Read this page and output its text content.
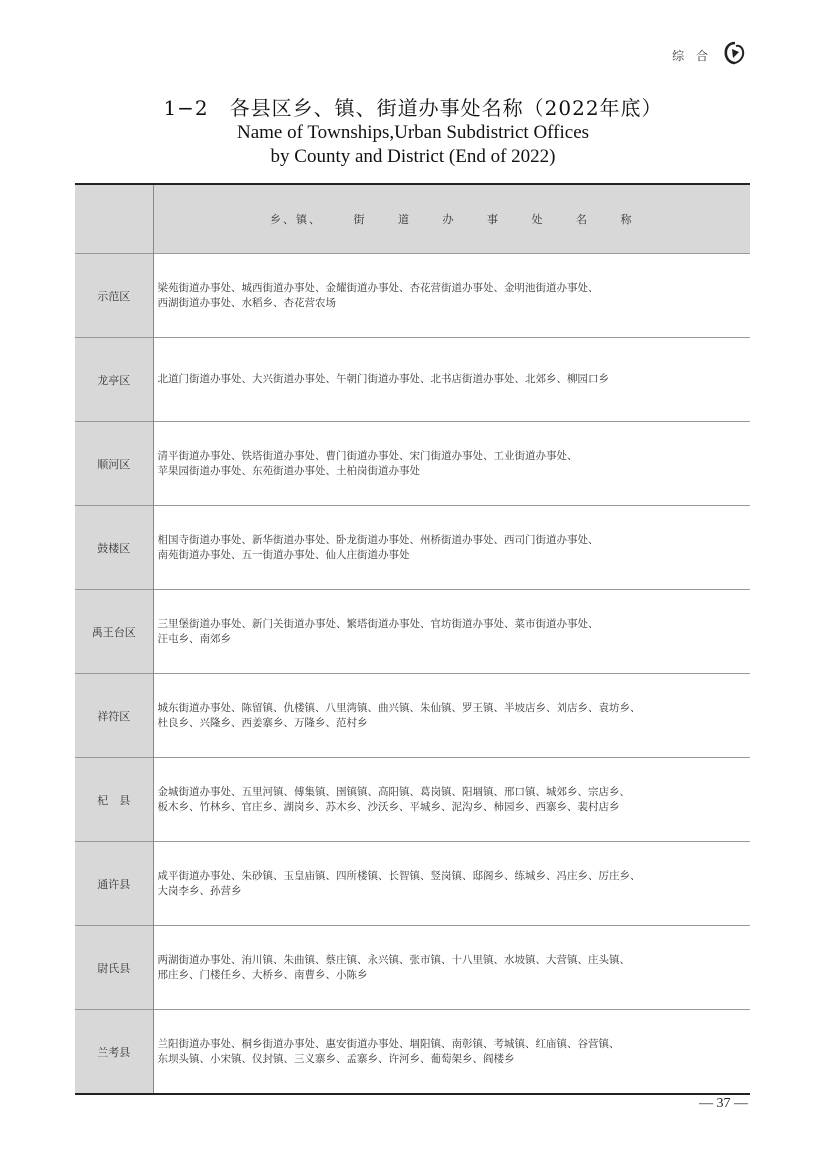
综 合
1−2　各县区乡、镇、街道办事处名称（2022年底）
Name of Townships,Urban Subdistrict Offices
by County and District (End of 2022)
	乡、镇、 街 道 办 事 处 名 称
示范区	梁苑街道办事处、城西街道办事处、金耀街道办事处、杏花营街道办事处、金明池街道办事处、
西湖街道办事处、水稻乡、杏花营农场

龙亭区	北道门街道办事处、大兴街道办事处、午朝门街道办事处、北书店街道办事处、北郊乡、柳园口乡

顺河区	清平街道办事处、铁塔街道办事处、曹门街道办事处、宋门街道办事处、工业街道办事处、
苹果园街道办事处、东苑街道办事处、土柏岗街道办事处

鼓楼区	相国寺街道办事处、新华街道办事处、卧龙街道办事处、州桥街道办事处、西司门街道办事处、
南苑街道办事处、五一街道办事处、仙人庄街道办事处

禹王台区	三里堡街道办事处、新门关街道办事处、繁塔街道办事处、官坊街道办事处、菜市街道办事处、
汪屯乡、南郊乡

祥符区	城东街道办事处、陈留镇、仇楼镇、八里湾镇、曲兴镇、朱仙镇、罗王镇、半坡店乡、刘店乡、袁坊乡、
杜良乡、兴隆乡、西姜寨乡、万隆乡、范村乡

杞　县	金城街道办事处、五里河镇、傅集镇、圉镇镇、高阳镇、葛岗镇、阳堌镇、邢口镇、城郊乡、宗店乡、
板木乡、竹林乡、官庄乡、湖岗乡、苏木乡、沙沃乡、平城乡、泥沟乡、柿园乡、西寨乡、裴村店乡

通许县	咸平街道办事处、朱砂镇、玉皇庙镇、四所楼镇、长智镇、竖岗镇、邸阁乡、练城乡、冯庄乡、厉庄乡、
大岗李乡、孙营乡

尉氏县	两湖街道办事处、洧川镇、朱曲镇、蔡庄镇、永兴镇、张市镇、十八里镇、水坡镇、大营镇、庄头镇、
邢庄乡、门楼任乡、大桥乡、南曹乡、小陈乡

兰考县	兰阳街道办事处、桐乡街道办事处、惠安街道办事处、堌阳镇、南彰镇、考城镇、红庙镇、谷营镇、
东坝头镇、小宋镇、仪封镇、三义寨乡、孟寨乡、许河乡、葡萄架乡、阎楼乡
— 37 —
